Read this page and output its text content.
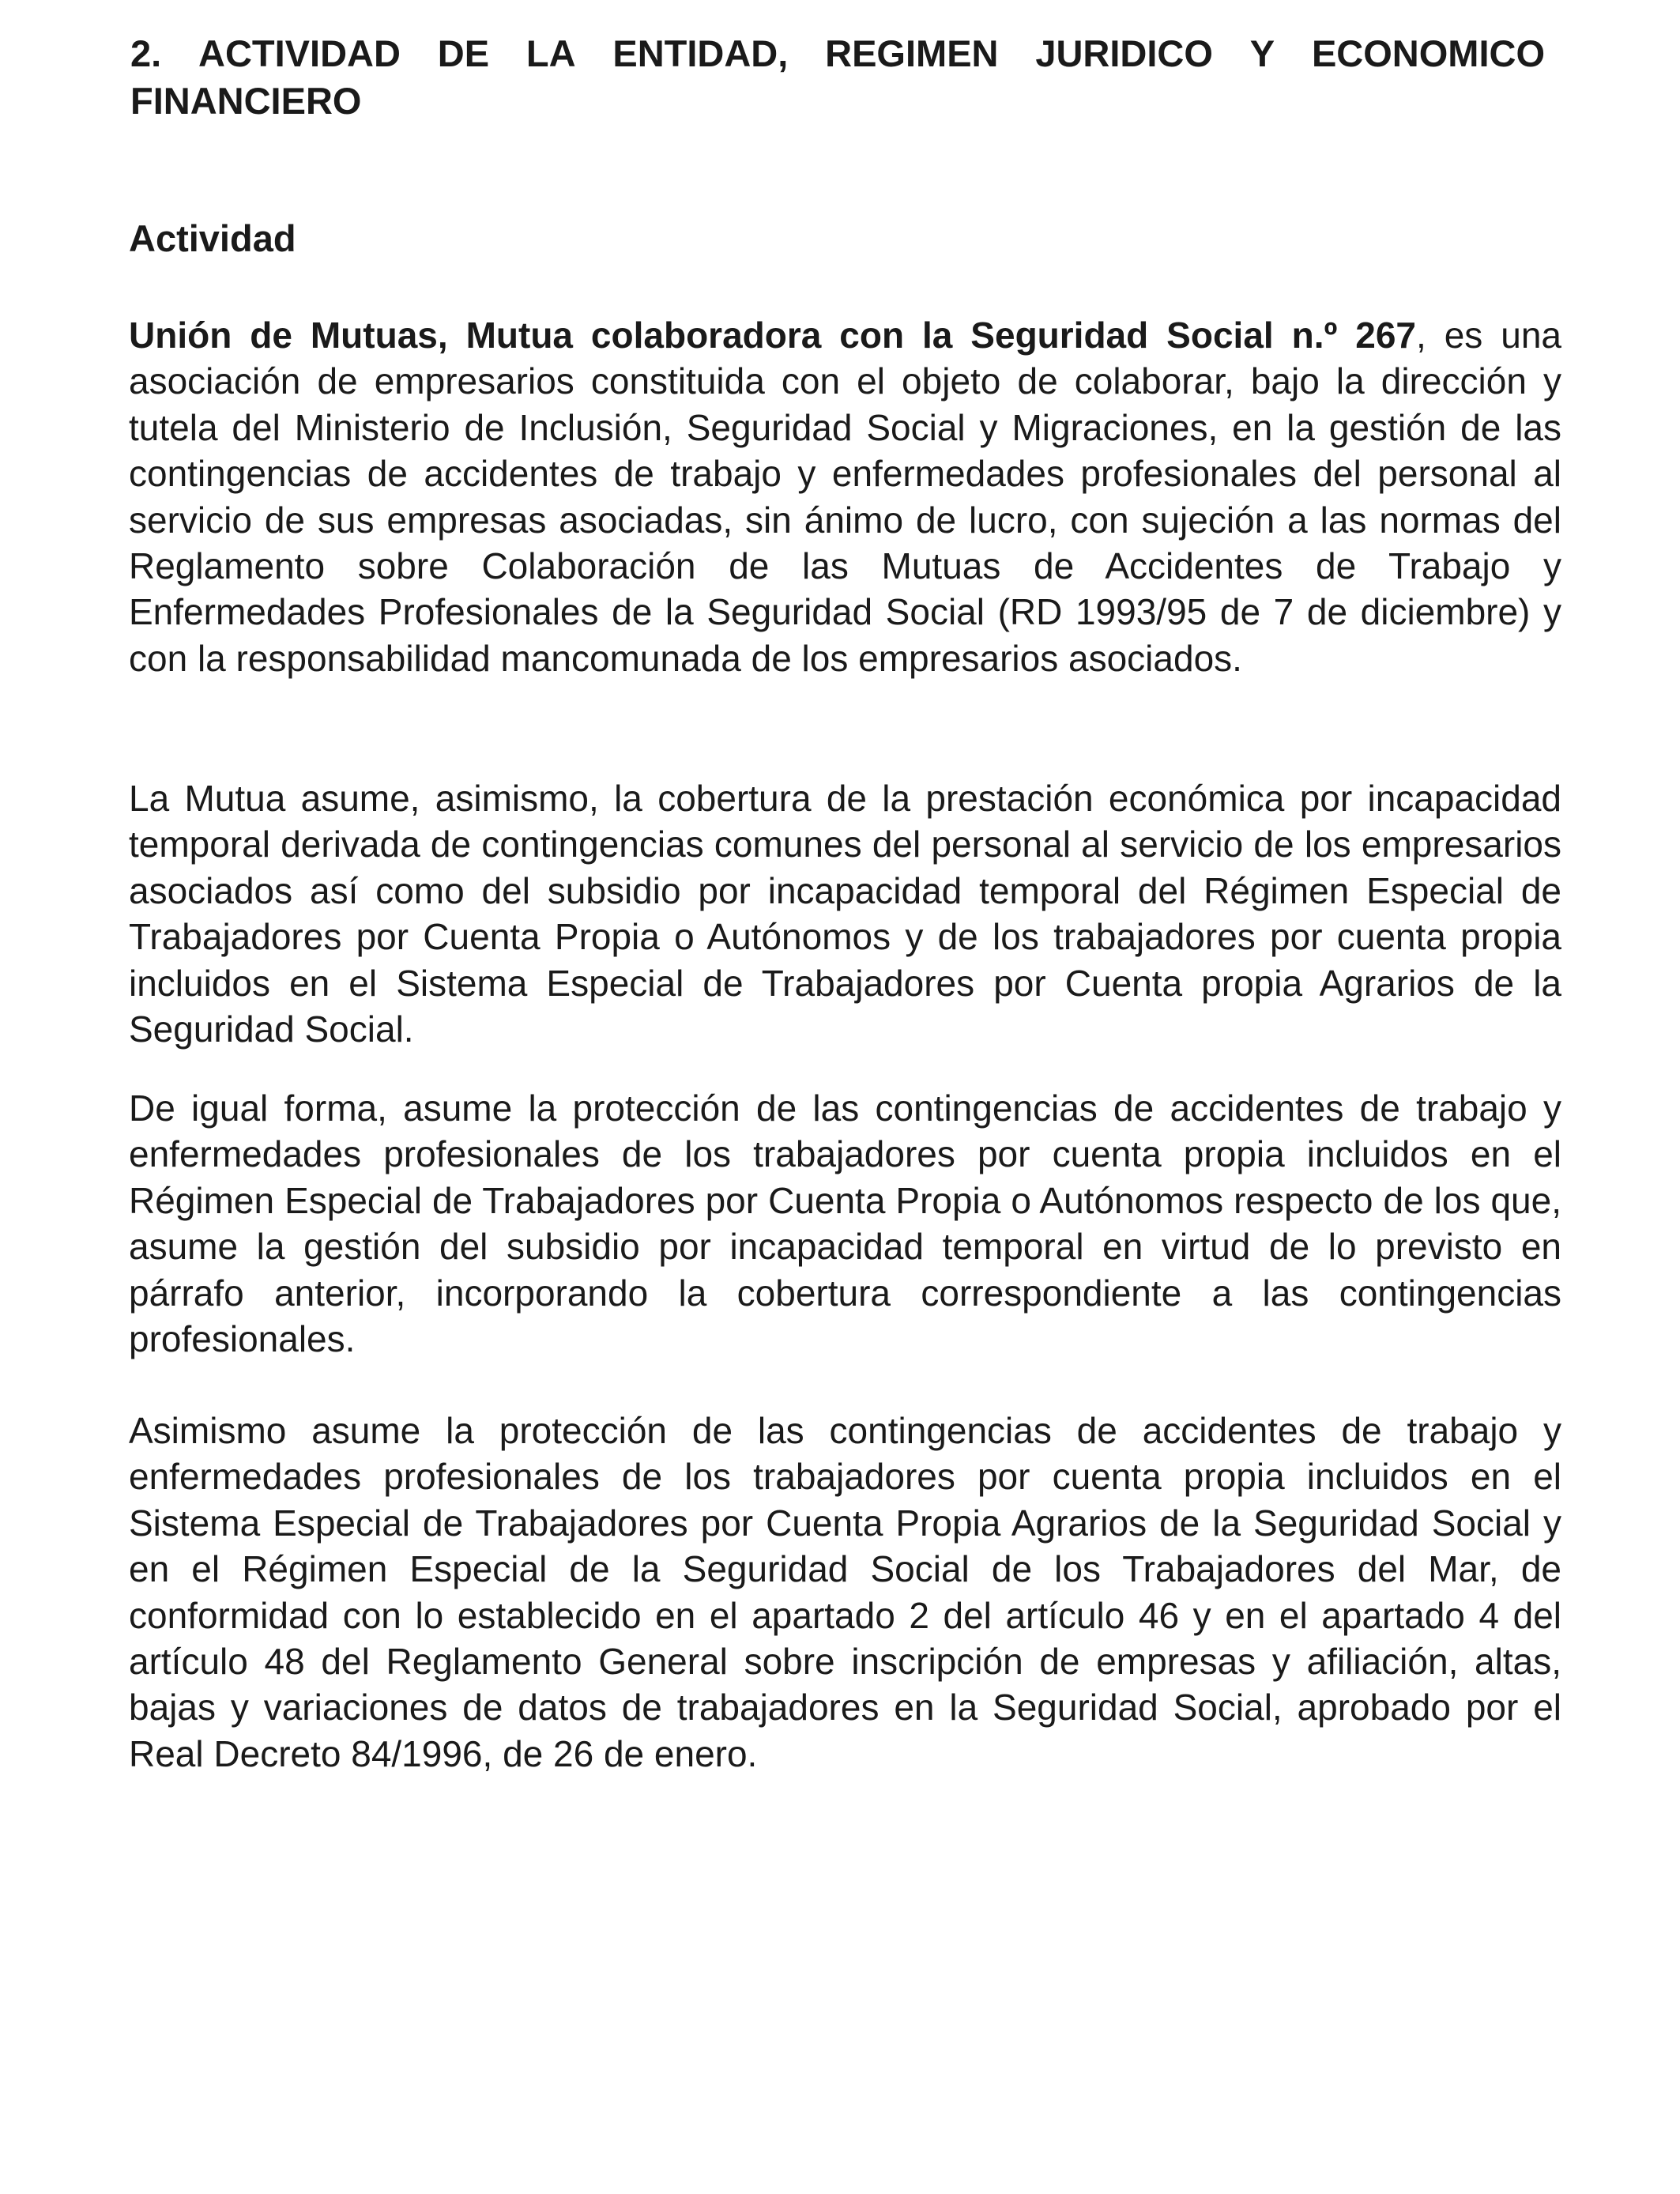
2. ACTIVIDAD DE LA ENTIDAD, REGIMEN JURIDICO Y ECONOMICO
FINANCIERO
Actividad

Unión de Mutuas, Mutua colaboradora con la Seguridad Social n.º 267, es una asociación de empresarios constituida con el objeto de colaborar, bajo la dirección y tutela del Ministerio de Inclusión, Seguridad Social y Migraciones, en la gestión de las contingencias de accidentes de trabajo y enfermedades profesionales del personal al servicio de sus empresas asociadas, sin ánimo de lucro, con sujeción a las normas del Reglamento sobre Colaboración de las Mutuas de Accidentes de Trabajo y Enfermedades Profesionales de la Seguridad Social (RD 1993/95 de 7 de diciembre) y con la responsabilidad mancomunada de los empresarios asociados.

La Mutua asume, asimismo, la cobertura de la prestación económica por incapacidad temporal derivada de contingencias comunes del personal al servicio de los empresarios asociados así como del subsidio por incapacidad temporal del Régimen Especial de Trabajadores por Cuenta Propia o Autónomos y de los trabajadores por cuenta propia incluidos en el Sistema Especial de Trabajadores por Cuenta propia Agrarios de la Seguridad Social.

De igual forma, asume la protección de las contingencias de accidentes de trabajo y enfermedades profesionales de los trabajadores por cuenta propia incluidos en el Régimen Especial de Trabajadores por Cuenta Propia o Autónomos respecto de los que, asume la gestión del subsidio por incapacidad temporal en virtud de lo previsto en párrafo anterior, incorporando la cobertura correspondiente a las contingencias profesionales.

Asimismo asume la protección de las contingencias de accidentes de trabajo y enfermedades profesionales de los trabajadores por cuenta propia incluidos en el Sistema Especial de Trabajadores por Cuenta Propia Agrarios de la Seguridad Social y en el Régimen Especial de la Seguridad Social de los Trabajadores del Mar, de conformidad con lo establecido en el apartado 2 del artículo 46 y en el apartado 4 del artículo 48 del Reglamento General sobre inscripción de empresas y afiliación, altas, bajas y variaciones de datos de trabajadores en la Seguridad Social, aprobado por el Real Decreto 84/1996, de 26 de enero.
